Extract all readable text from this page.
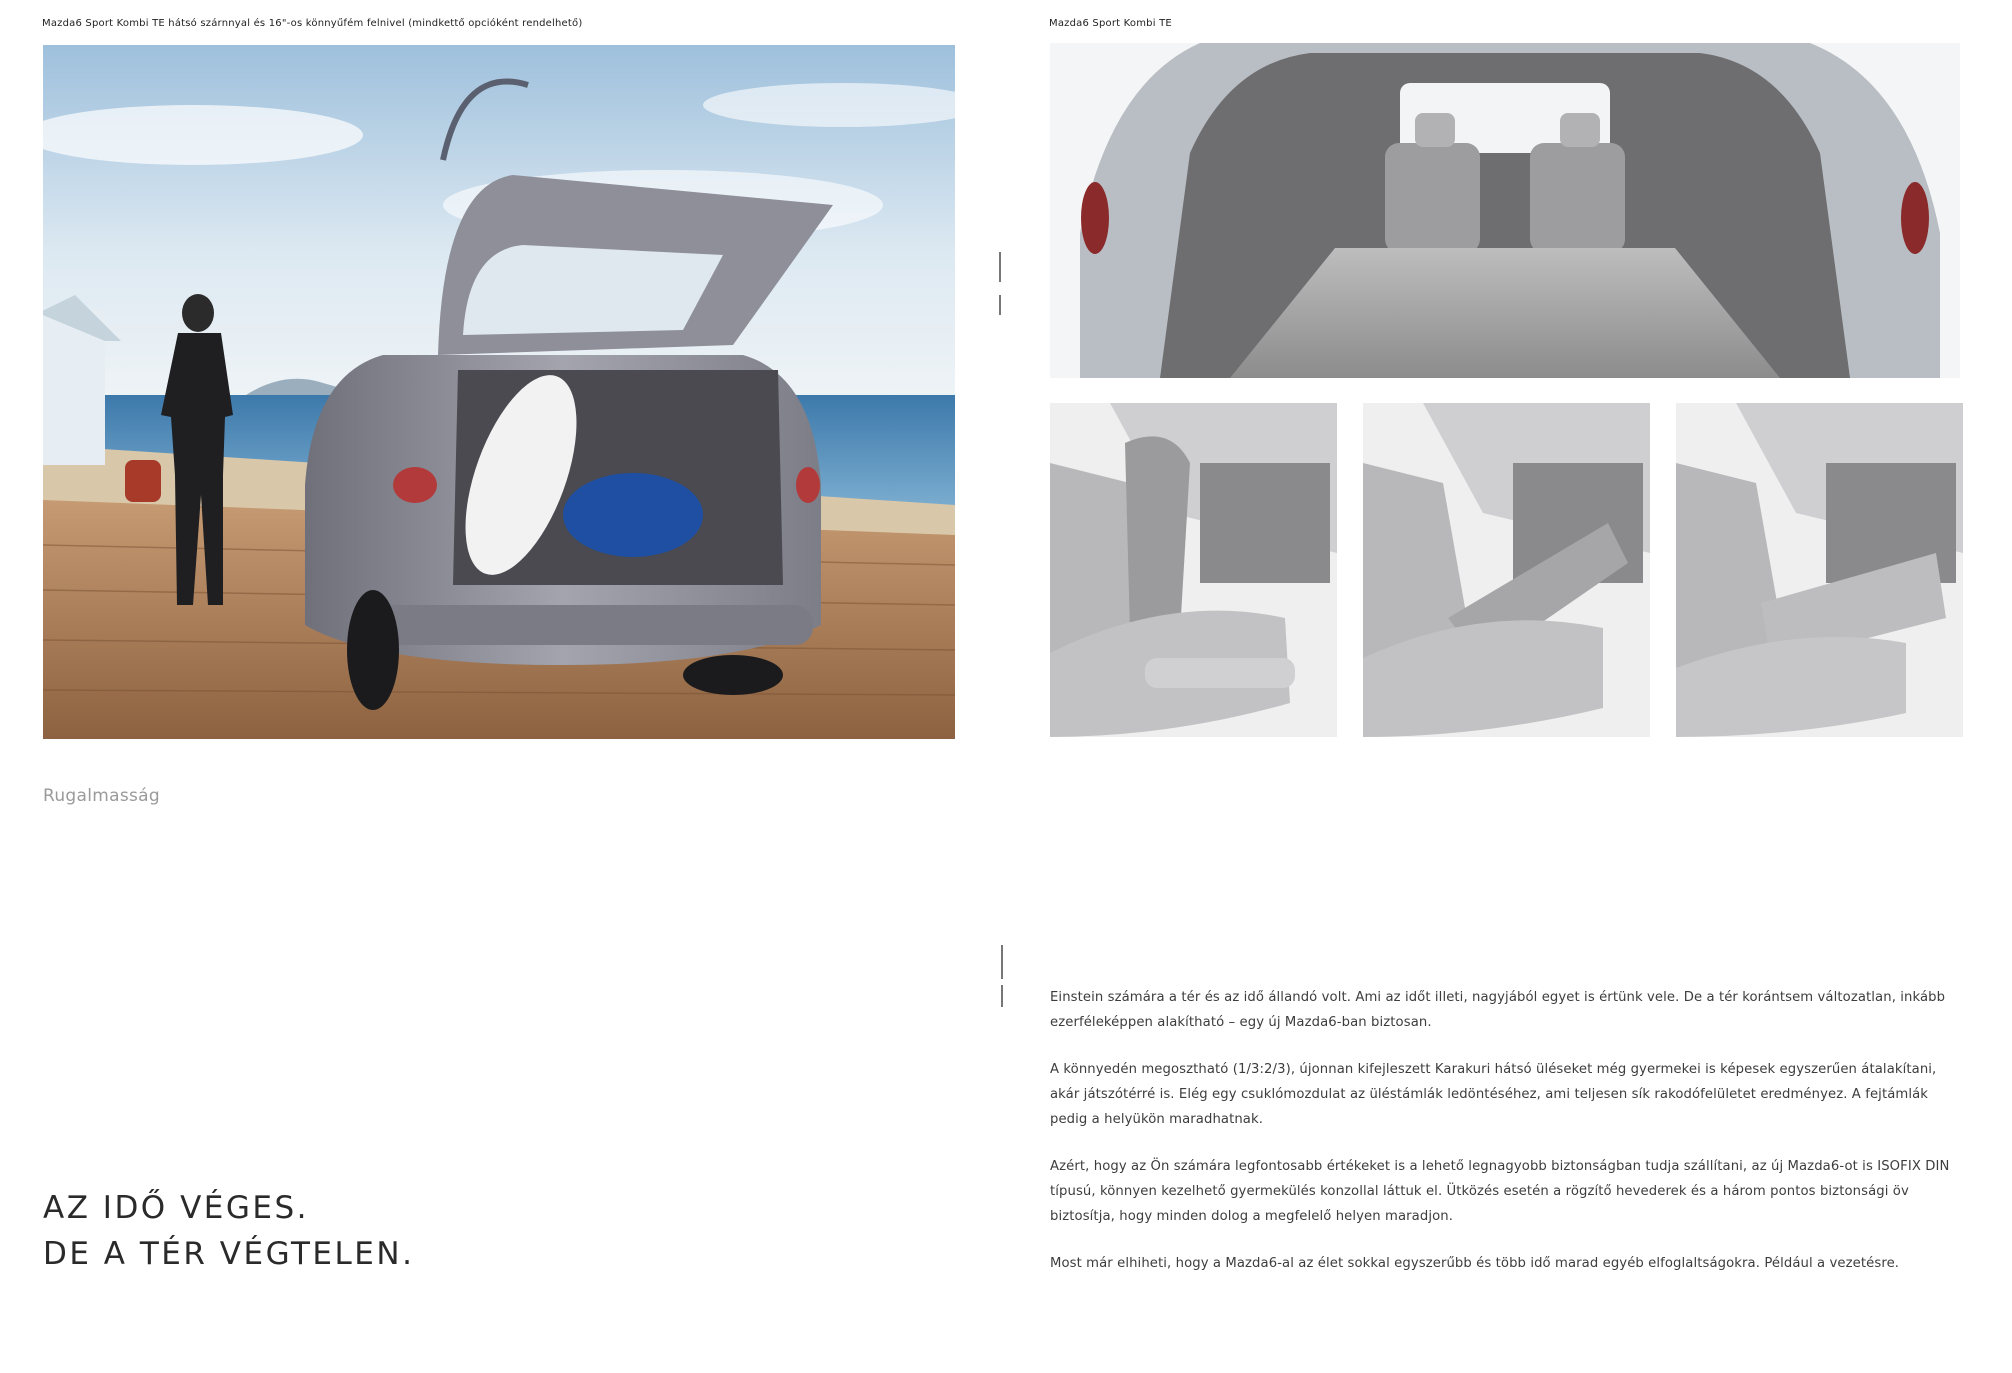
Mazda6 Sport Kombi TE hátsó szárnnyal és 16"-os könnyűfém felnivel (mindkettő opcióként rendelhető)
Rugalmasság
AZ IDŐ VÉGES.
DE A TÉR VÉGTELEN.
Mazda6 Sport Kombi TE

Einstein számára a tér és az idő állandó volt. Ami az időt illeti, nagyjából egyet is értünk vele. De a tér korántsem változatlan, inkább ezerféleképpen alakítható – egy új Mazda6-ban biztosan.

A könnyedén megosztható (1/3:2/3), újonnan kifejleszett Karakuri hátsó üléseket még gyermekei is képesek egyszerűen átalakítani, akár játszótérré is. Elég egy csuklómozdulat az üléstámlák ledöntéséhez, ami teljesen sík rakodófelületet eredményez. A fejtámlák pedig a helyükön maradhatnak.

Azért, hogy az Ön számára legfontosabb értékeket is a lehető legnagyobb biztonságban tudja szállítani, az új Mazda6-ot is ISOFIX DIN típusú, könnyen kezelhető gyermekülés konzollal láttuk el. Ütközés esetén a rögzítő hevederek és a három pontos biztonsági öv biztosítja, hogy minden dolog a megfelelő helyen maradjon.

Most már elhiheti, hogy a Mazda6-al az élet sokkal egyszerűbb és több idő marad egyéb elfoglaltságokra. Például a vezetésre.
